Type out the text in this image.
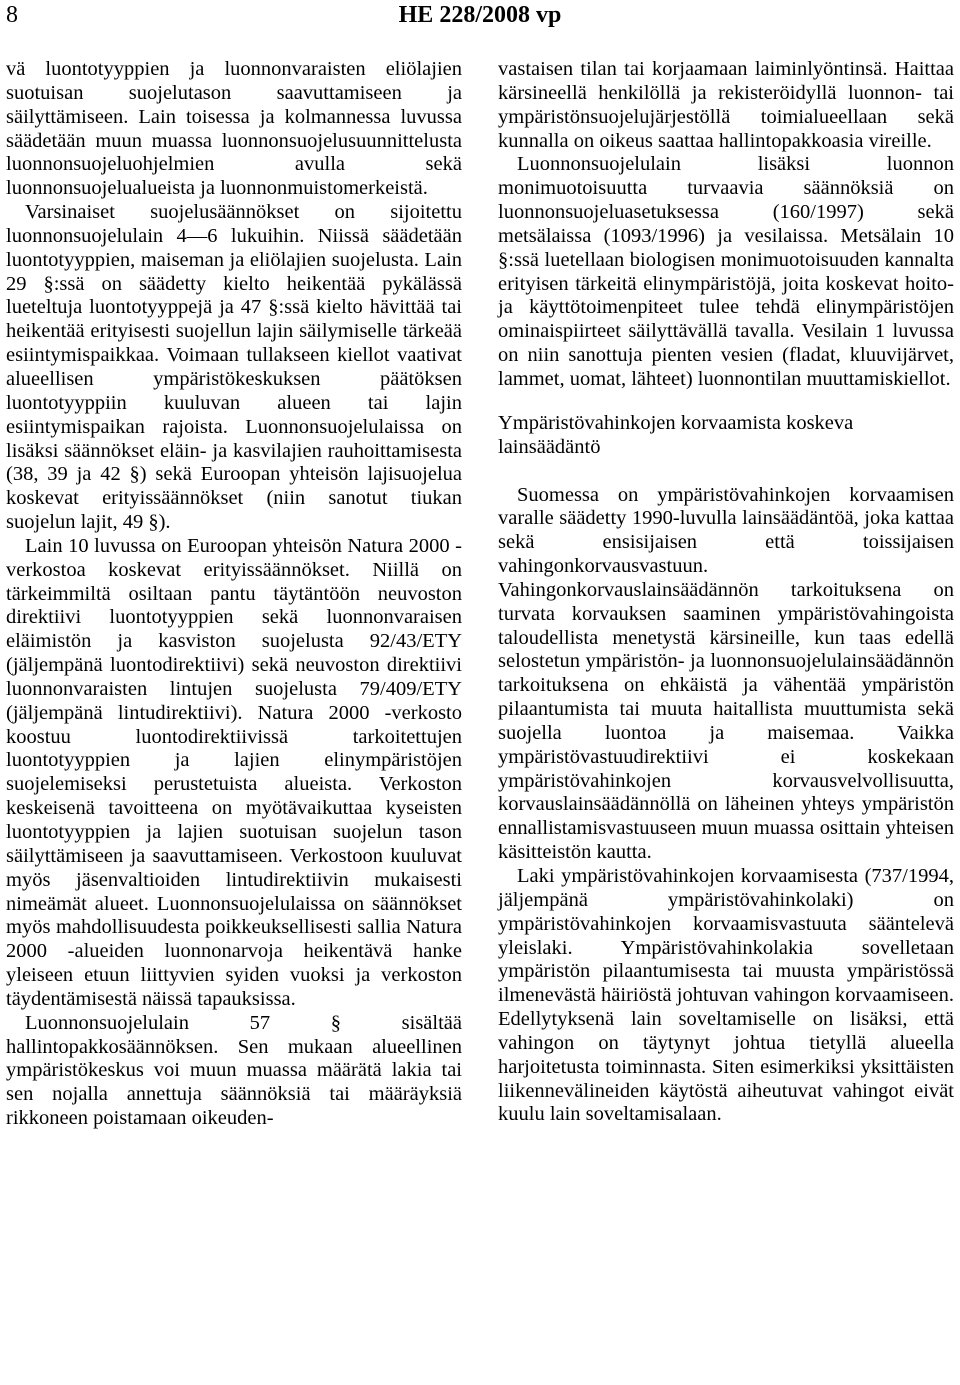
8	HE 228/2008 vp

vä luontotyyppien ja luonnonvaraisten eliölajien suotuisan suojelutason saavuttamiseen ja säilyttämiseen. Lain toisessa ja kolmannessa luvussa säädetään muun muassa luonnonsuojelusuunnittelusta luonnonsuojeluohjelmien avulla sekä luonnonsuojelualueista ja luonnonmuistomerkeistä.

Varsinaiset suojelusäännökset on sijoitettu luonnonsuojelulain 4—6 lukuihin. Niissä säädetään luontotyyppien, maiseman ja eliölajien suojelusta. Lain 29 §:ssä on säädetty kielto heikentää pykälässä lueteltuja luontotyyppejä ja 47 §:ssä kielto hävittää tai heikentää erityisesti suojellun lajin säilymiselle tärkeää esiintymispaikkaa. Voimaan tullakseen kiellot vaativat alueellisen ympäristökeskuksen päätöksen luontotyyppiin kuuluvan alueen tai lajin esiintymispaikan rajoista. Luonnonsuojelulaissa on lisäksi säännökset eläin- ja kasvilajien rauhoittamisesta (38, 39 ja 42 §) sekä Euroopan yhteisön lajisuojelua koskevat erityissäännökset (niin sanotut tiukan suojelun lajit, 49 §).

Lain 10 luvussa on Euroopan yhteisön Natura 2000 -verkostoa koskevat erityissäännökset. Niillä on tärkeimmiltä osiltaan pantu täytäntöön neuvoston direktiivi luontotyyppien sekä luonnonvaraisen eläimistön ja kasviston suojelusta 92/43/ETY (jäljempänä luontodirektiivi) sekä neuvoston direktiivi luonnonvaraisten lintujen suojelusta 79/409/ETY (jäljempänä lintudirektiivi). Natura 2000 -verkosto koostuu luontodirektiivissä tarkoitettujen luontotyyppien ja lajien elinympäristöjen suojelemiseksi perustetuista alueista. Verkoston keskeisenä tavoitteena on myötävaikuttaa kyseisten luontotyyppien ja lajien suotuisan suojelun tason säilyttämiseen ja saavuttamiseen. Verkostoon kuuluvat myös jäsenvaltioiden lintudirektiivin mukaisesti nimeämät alueet. Luonnonsuojelulaissa on säännökset myös mahdollisuudesta poikkeuksellisesti sallia Natura 2000 -alueiden luonnonarvoja heikentävä hanke yleiseen etuun liittyvien syiden vuoksi ja verkoston täydentämisestä näissä tapauksissa.

Luonnonsuojelulain 57 § sisältää hallintopakkosäännöksen. Sen mukaan alueellinen ympäristökeskus voi muun muassa määrätä lakia tai sen nojalla annettuja säännöksiä tai määräyksiä rikkoneen poistamaan oikeuden-

vastaisen tilan tai korjaamaan laiminlyöntinsä. Haittaa kärsineellä henkilöllä ja rekisteröidyllä luonnon- tai ympäristönsuojelujärjestöllä toimialueellaan sekä kunnalla on oikeus saattaa hallintopakkoasia vireille.

Luonnonsuojelulain lisäksi luonnon monimuotoisuutta turvaavia säännöksiä on luonnonsuojeluasetuksessa (160/1997) sekä metsälaissa (1093/1996) ja vesilaissa. Metsälain 10 §:ssä luetellaan biologisen monimuotoisuuden kannalta erityisen tärkeitä elinympäristöjä, joita koskevat hoito- ja käyttötoimenpiteet tulee tehdä elinympäristöjen ominaispiirteet säilyttävällä tavalla. Vesilain 1 luvussa on niin sanottuja pienten vesien (fladat, kluuvijärvet, lammet, uomat, lähteet) luonnontilan muuttamiskiellot.

Ympäristövahinkojen korvaamista koskeva lainsäädäntö

Suomessa on ympäristövahinkojen korvaamisen varalle säädetty 1990-luvulla lainsäädäntöä, joka kattaa sekä ensisijaisen että toissijaisen vahingonkorvausvastuun. Vahingonkorvauslainsäädännön tarkoituksena on turvata korvauksen saaminen ympäristövahingoista taloudellista menetystä kärsineille, kun taas edellä selostetun ympäristön- ja luonnonsuojelulainsäädännön tarkoituksena on ehkäistä ja vähentää ympäristön pilaantumista tai muuta haitallista muuttumista sekä suojella luontoa ja maisemaa. Vaikka ympäristövastuudirektiivi ei koskekaan ympäristövahinkojen korvausvelvollisuutta, korvauslainsäädännöllä on läheinen yhteys ympäristön ennallistamisvastuuseen muun muassa osittain yhteisen käsitteistön kautta.

Laki ympäristövahinkojen korvaamisesta (737/1994, jäljempänä ympäristövahinkolaki) on ympäristövahinkojen korvaamisvastuuta sääntelevä yleislaki. Ympäristövahinkolakia sovelletaan ympäristön pilaantumisesta tai muusta ympäristössä ilmenevästä häiriöstä johtuvan vahingon korvaamiseen. Edellytyksenä lain soveltamiselle on lisäksi, että vahingon on täytynyt johtua tietyllä alueella harjoitetusta toiminnasta. Siten esimerkiksi yksittäisten liikennevälineiden käytöstä aiheutuvat vahingot eivät kuulu lain soveltamisalaan.
